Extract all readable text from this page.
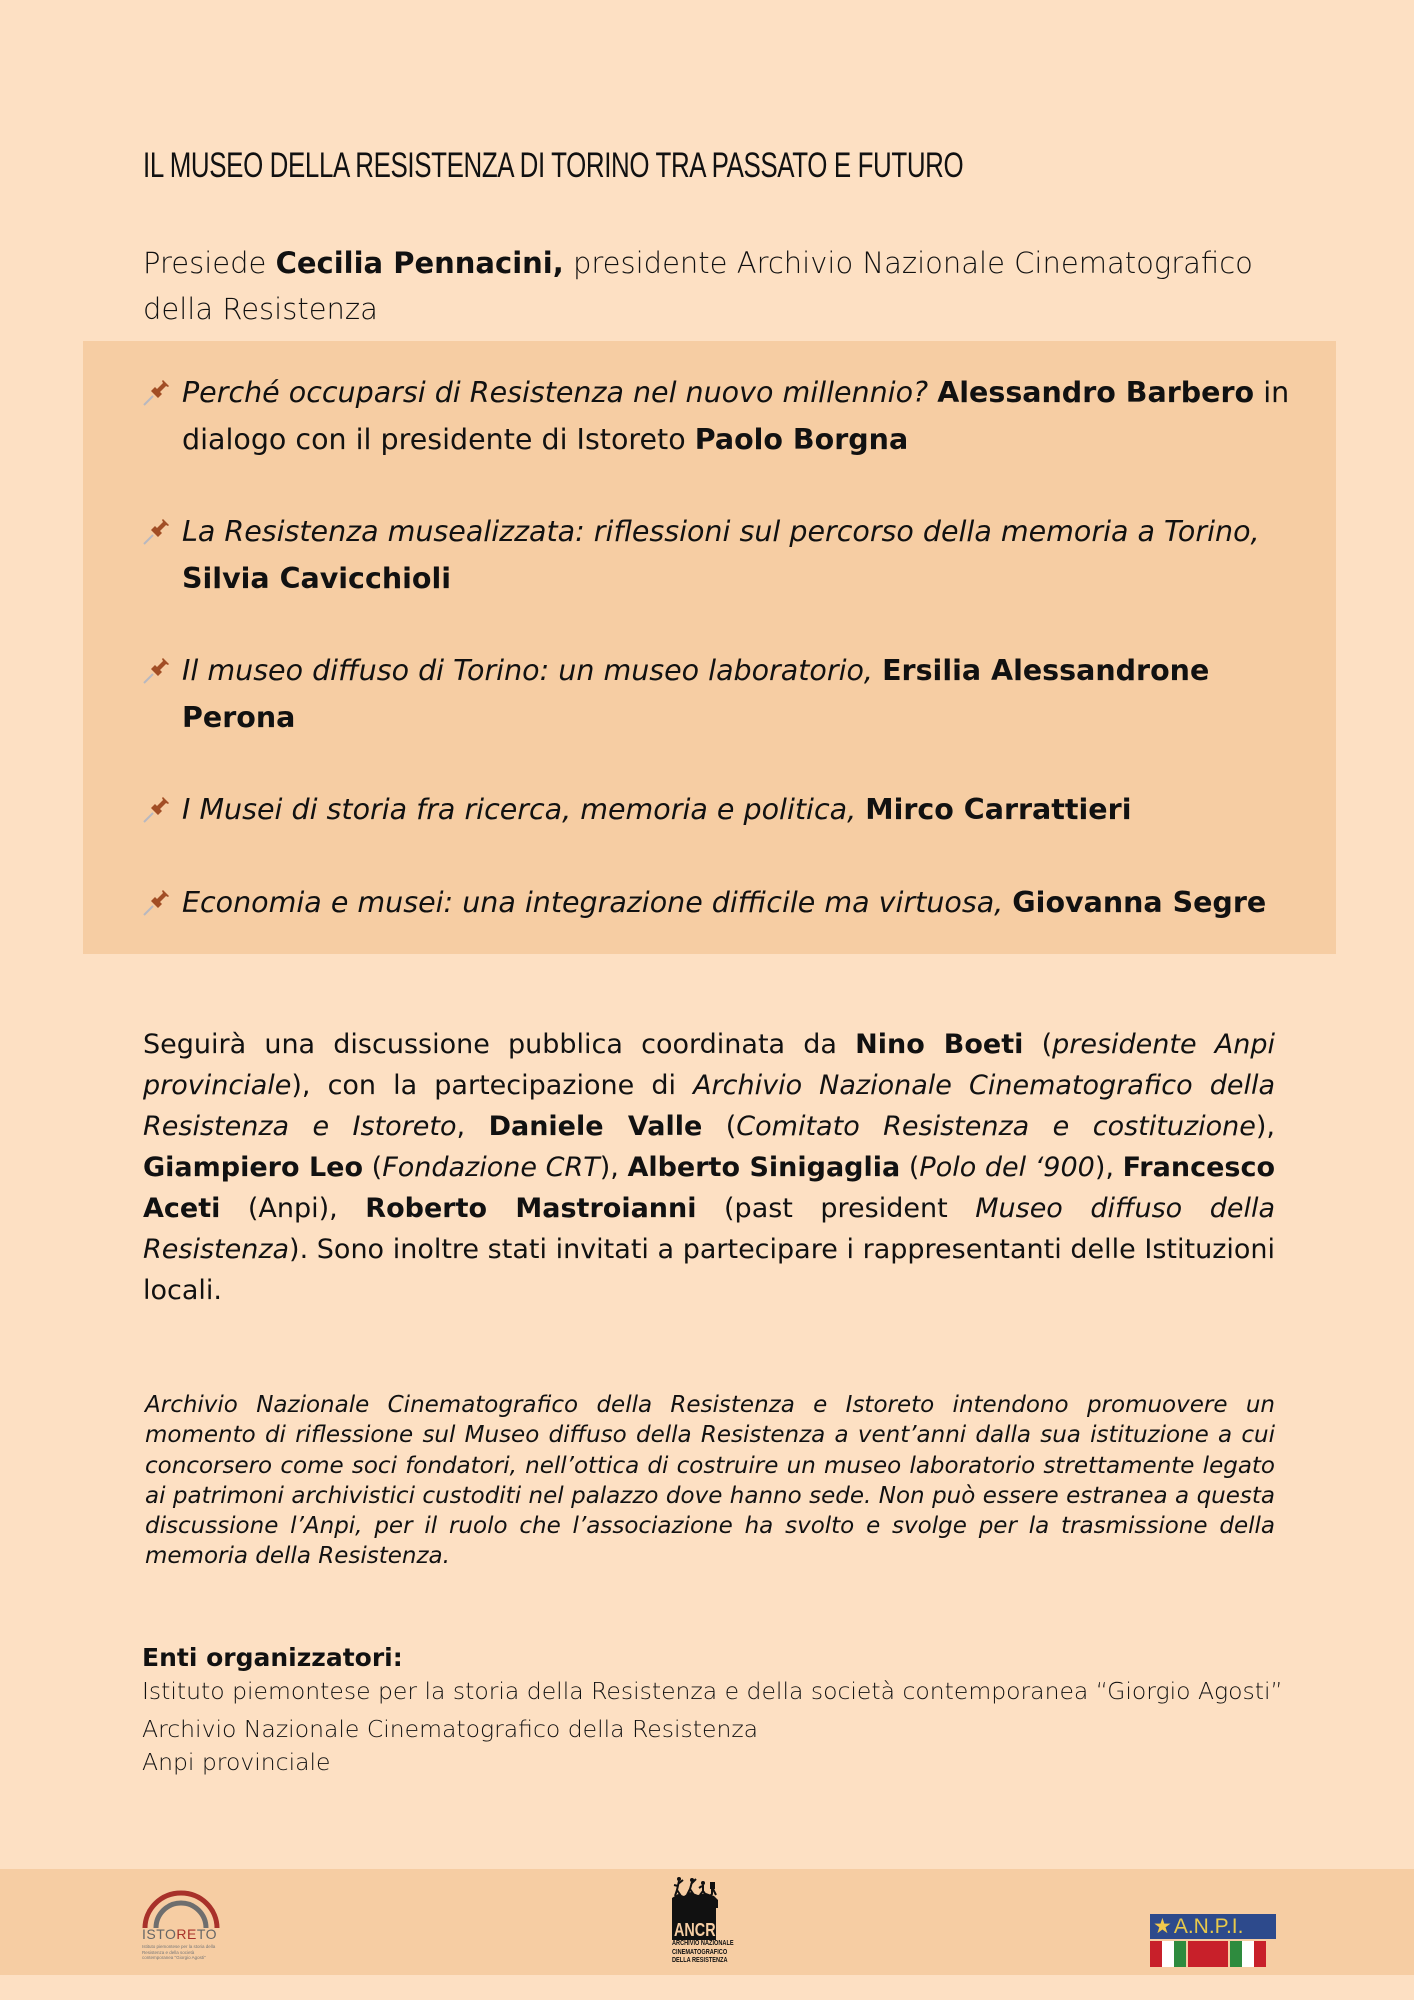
IL MUSEO DELLA RESISTENZA DI TORINO TRA PASSATO E FUTURO
Presiede Cecilia Pennacini, presidente Archivio Nazionale Cinematografico della Resistenza
Perché occuparsi di Resistenza nel nuovo millennio? Alessandro Barbero in dialogo con il presidente di Istoreto Paolo Borgna
La Resistenza musealizzata: riflessioni sul percorso della memoria a Torino,
Silvia Cavicchioli
Il museo diffuso di Torino: un museo laboratorio, Ersilia Alessandrone Perona
I Musei di storia fra ricerca, memoria e politica, Mirco Carrattieri
Economia e musei: una integrazione difficile ma virtuosa, Giovanna Segre
Seguirà una discussione pubblica coordinata da Nino Boeti (presidente Anpi provinciale), con la partecipazione di Archivio Nazionale Cinematografico della Resistenza e Istoreto, Daniele Valle (Comitato Resistenza e costituzione), Giampiero Leo (Fondazione CRT), Alberto Sinigaglia (Polo del ‘900), Francesco Aceti (Anpi), Roberto Mastroianni (past president Museo diffuso della Resistenza). Sono inoltre stati invitati a partecipare i rappresentanti delle Istituzioni locali.
Archivio Nazionale Cinematografico della Resistenza e Istoreto intendono promuovere un momento di riflessione sul Museo diffuso della Resistenza a vent’anni dalla sua istituzione a cui concorsero come soci fondatori, nell’ottica di costruire un museo laboratorio strettamente legato ai patrimoni archivistici custoditi nel palazzo dove hanno sede. Non può essere estranea a questa discussione l’Anpi, per il ruolo che l’associazione ha svolto e svolge per la trasmissione della memoria della Resistenza.
Enti organizzatori:
Istituto piemontese per la storia della Resistenza e della società contemporanea “Giorgio Agosti”
Archivio Nazionale Cinematografico della Resistenza
Anpi provinciale
ISTORETO
Istituto piemontese per la storia della Resistenza e della società contemporanea "Giorgio Agosti"
ANCR
ARCHIVIO NAZIONALE CINEMATOGRAFICO DELLA RESISTENZA
★A.N.P.I.
